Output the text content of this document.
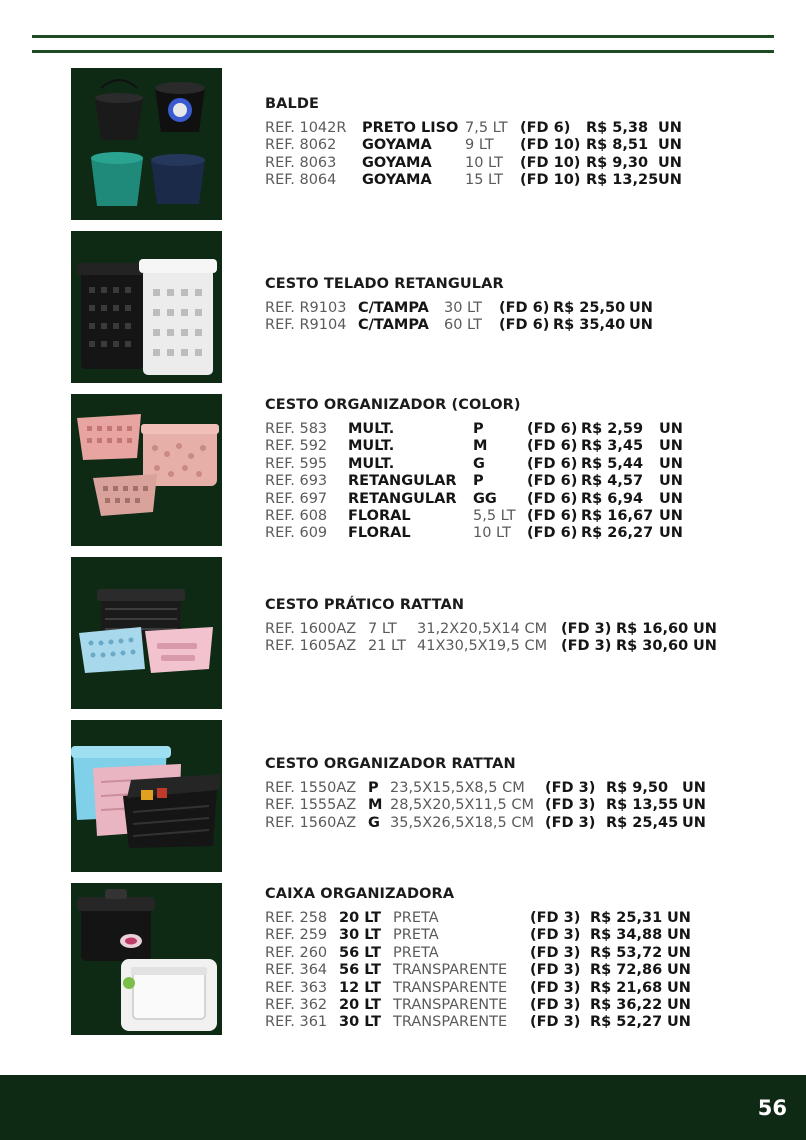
BALDE
REF. 1042R	PRETO LISO 7,5 LT (FD 6)	R$ 5,38 UN
REF. 8062	GOYAMA	9 LT	(FD 10) R$ 8,51 UN
REF. 8063	GOYAMA	10 LT	(FD 10) R$ 9,30 UN
REF. 8064	GOYAMA	15 LT	(FD 10) R$ 13,25 UN
CESTO TELADO RETANGULAR
REF. R9103 C/TAMPA	30 LT	(FD 6) R$ 25,50 UN
REF. R9104 C/TAMPA	60 LT	(FD 6) R$ 35,40 UN
CESTO ORGANIZADOR (COLOR)
REF. 583	MULT.	P	(FD 6) R$ 2,59	UN
REF. 592	MULT.	M	(FD 6) R$ 3,45	UN
REF. 595	MULT.	G	(FD 6) R$ 5,44	UN
REF. 693	RETANGULAR	P	(FD 6) R$ 4,57	UN
REF. 697	RETANGULAR	GG	(FD 6) R$ 6,94	UN
REF. 608	FLORAL	5,5 LT (FD 6) R$ 16,67 UN
REF. 609	FLORAL	10 LT	(FD 6) R$ 26,27 UN
CESTO PRÁTICO RATTAN
REF. 1600AZ 7 LT	31,2X20,5X14 CM (FD 3) R$ 16,60 UN
REF. 1605AZ 21 LT 41X30,5X19,5 CM (FD 3) R$ 30,60 UN
CESTO ORGANIZADOR RATTAN
REF. 1550AZ P 23,5X15,5X8,5 CM	(FD 3) R$ 9,50 UN
REF. 1555AZ M 28,5X20,5X11,5 CM (FD 3) R$ 13,55 UN
REF. 1560AZ G 35,5X26,5X18,5 CM (FD 3) R$ 25,45 UN
CAIXA ORGANIZADORA
REF. 258 20 LT PRETA	(FD 3) R$ 25,31 UN
REF. 259 30 LT PRETA	(FD 3) R$ 34,88 UN
REF. 260 56 LT PRETA	(FD 3) R$ 53,72 UN
REF. 364 56 LT TRANSPARENTE	(FD 3) R$ 72,86 UN
REF. 363 12 LT TRANSPARENTE	(FD 3) R$ 21,68 UN
REF. 362 20 LT TRANSPARENTE	(FD 3) R$ 36,22 UN
REF. 361 30 LT TRANSPARENTE	(FD 3) R$ 52,27 UN
56
